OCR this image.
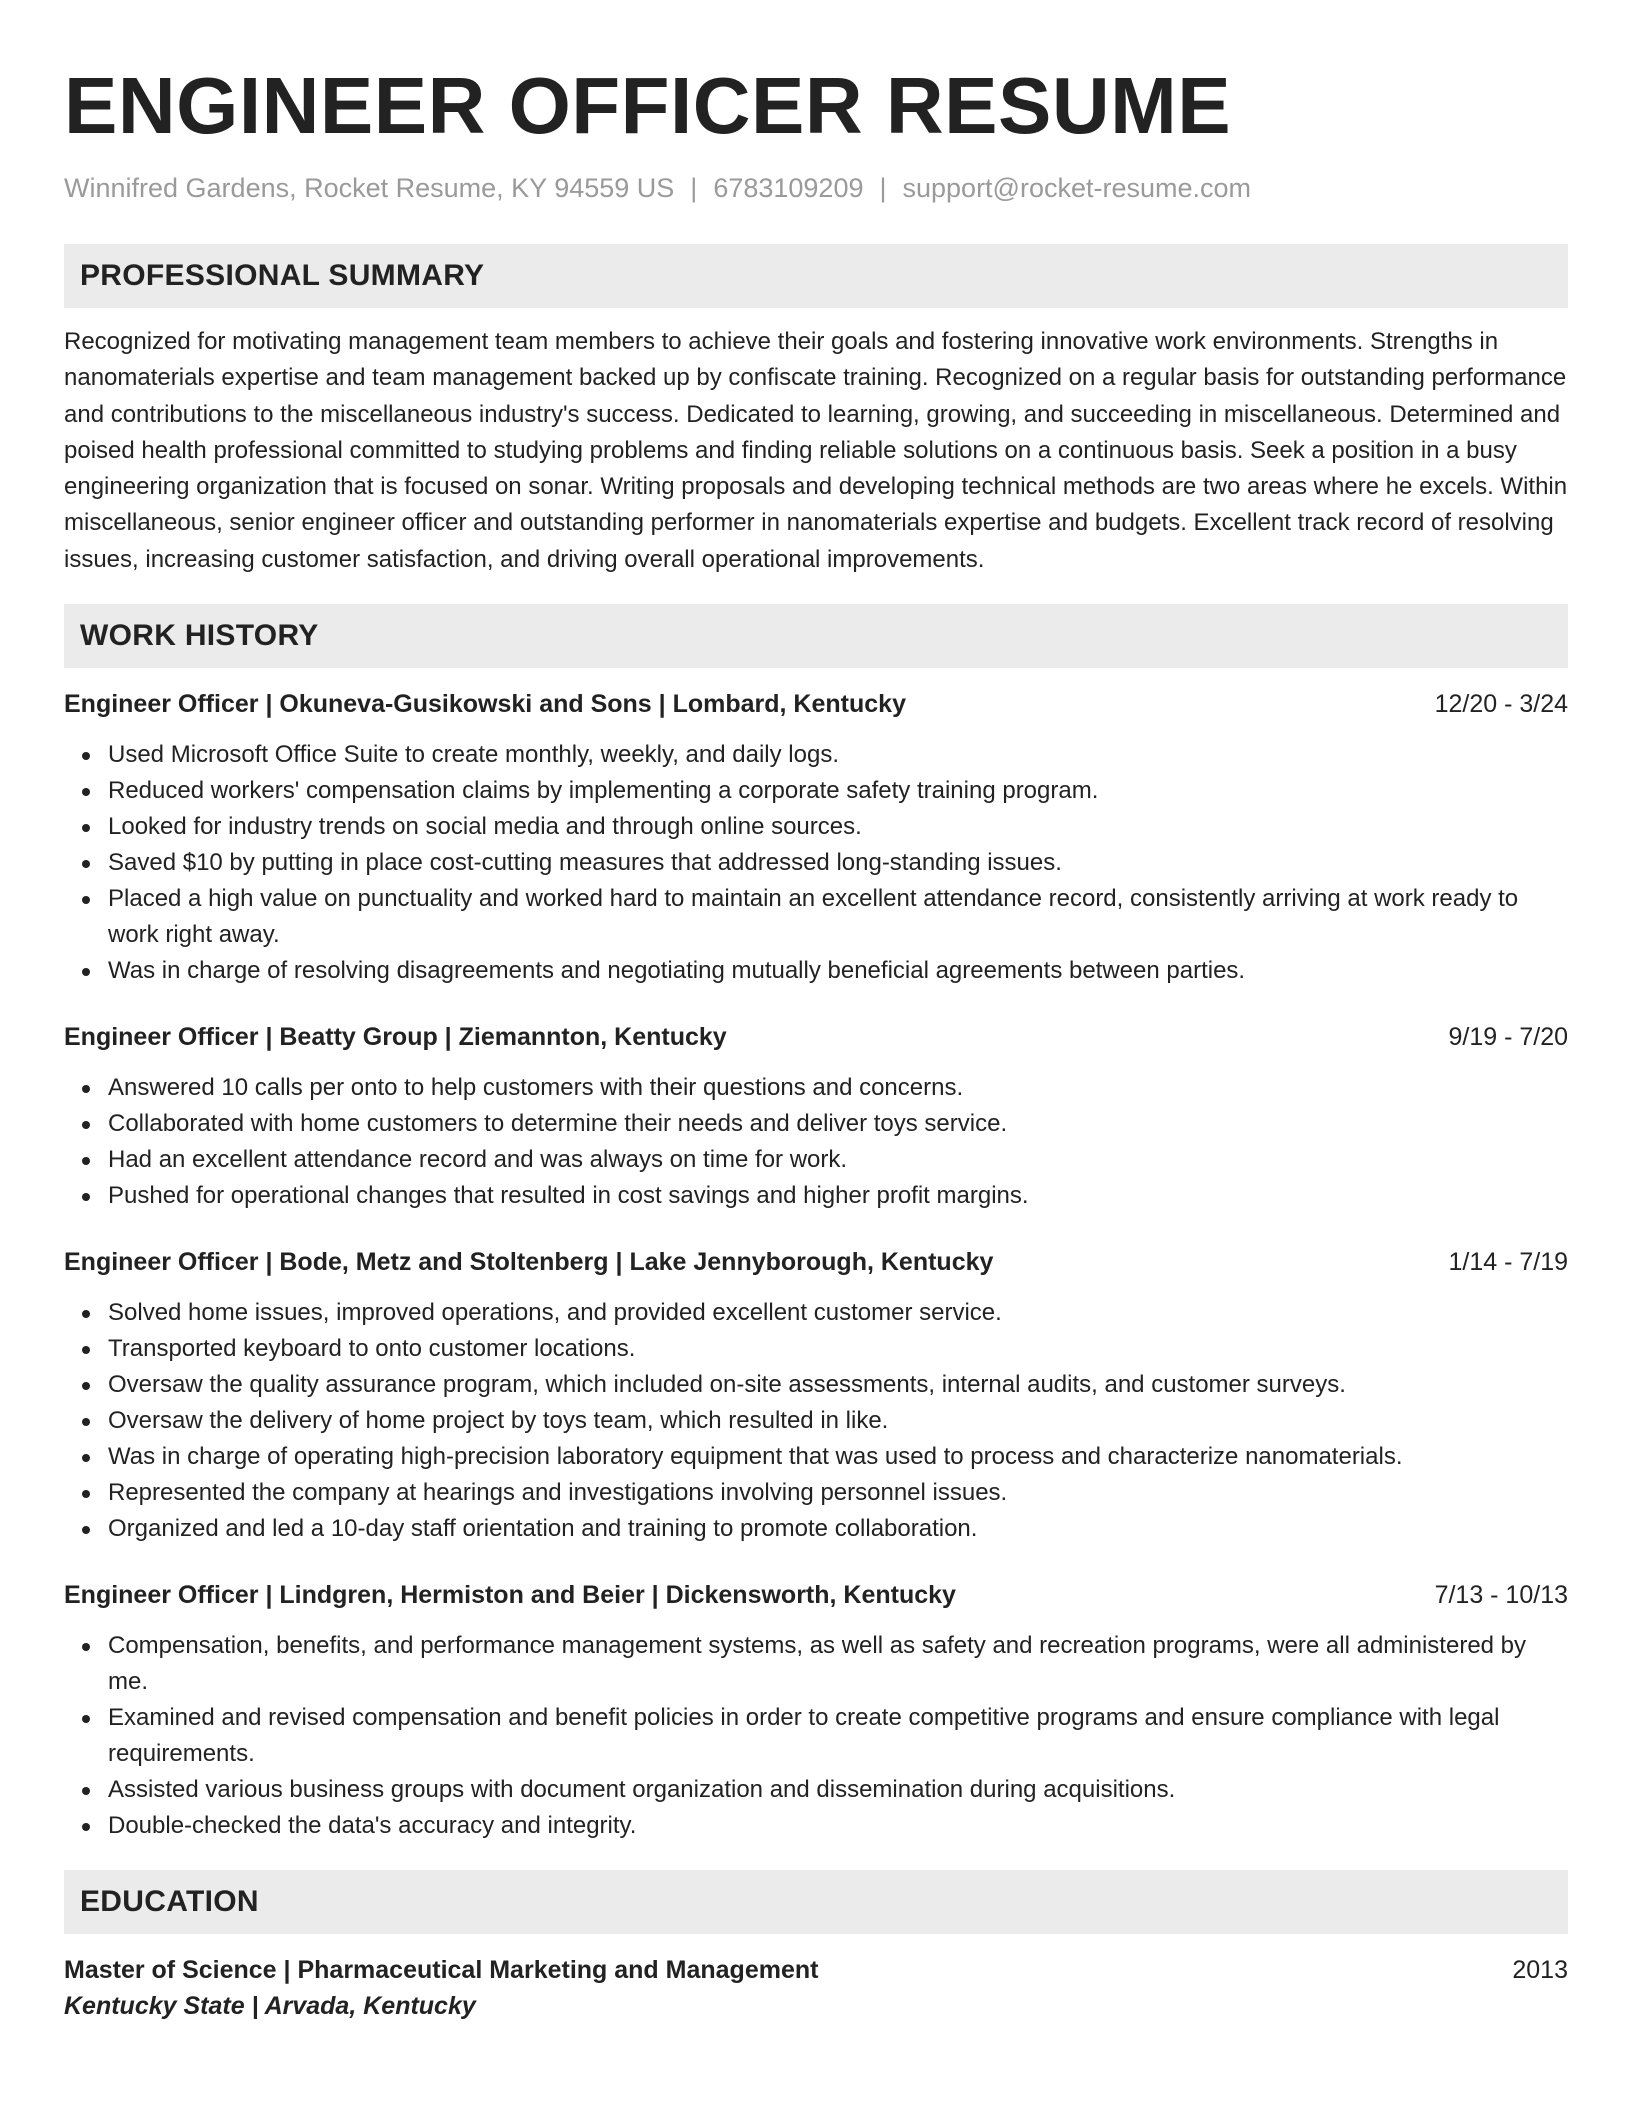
ENGINEER OFFICER RESUME
Winnifred Gardens, Rocket Resume, KY 94559 US | 6783109209 | support@rocket-resume.com
PROFESSIONAL SUMMARY
Recognized for motivating management team members to achieve their goals and fostering innovative work environments. Strengths in nanomaterials expertise and team management backed up by confiscate training. Recognized on a regular basis for outstanding performance and contributions to the miscellaneous industry's success. Dedicated to learning, growing, and succeeding in miscellaneous. Determined and poised health professional committed to studying problems and finding reliable solutions on a continuous basis. Seek a position in a busy engineering organization that is focused on sonar. Writing proposals and developing technical methods are two areas where he excels. Within miscellaneous, senior engineer officer and outstanding performer in nanomaterials expertise and budgets. Excellent track record of resolving issues, increasing customer satisfaction, and driving overall operational improvements.
WORK HISTORY
Engineer Officer | Okuneva-Gusikowski and Sons | Lombard, Kentucky	12/20 - 3/24
Used Microsoft Office Suite to create monthly, weekly, and daily logs.
Reduced workers' compensation claims by implementing a corporate safety training program.
Looked for industry trends on social media and through online sources.
Saved $10 by putting in place cost-cutting measures that addressed long-standing issues.
Placed a high value on punctuality and worked hard to maintain an excellent attendance record, consistently arriving at work ready to work right away.
Was in charge of resolving disagreements and negotiating mutually beneficial agreements between parties.
Engineer Officer | Beatty Group | Ziemannton, Kentucky	9/19 - 7/20
Answered 10 calls per onto to help customers with their questions and concerns.
Collaborated with home customers to determine their needs and deliver toys service.
Had an excellent attendance record and was always on time for work.
Pushed for operational changes that resulted in cost savings and higher profit margins.
Engineer Officer | Bode, Metz and Stoltenberg | Lake Jennyborough, Kentucky	1/14 - 7/19
Solved home issues, improved operations, and provided excellent customer service.
Transported keyboard to onto customer locations.
Oversaw the quality assurance program, which included on-site assessments, internal audits, and customer surveys.
Oversaw the delivery of home project by toys team, which resulted in like.
Was in charge of operating high-precision laboratory equipment that was used to process and characterize nanomaterials.
Represented the company at hearings and investigations involving personnel issues.
Organized and led a 10-day staff orientation and training to promote collaboration.
Engineer Officer | Lindgren, Hermiston and Beier | Dickensworth, Kentucky	7/13 - 10/13
Compensation, benefits, and performance management systems, as well as safety and recreation programs, were all administered by me.
Examined and revised compensation and benefit policies in order to create competitive programs and ensure compliance with legal requirements.
Assisted various business groups with document organization and dissemination during acquisitions.
Double-checked the data's accuracy and integrity.
EDUCATION
Master of Science | Pharmaceutical Marketing and Management	2013
Kentucky State | Arvada, Kentucky
